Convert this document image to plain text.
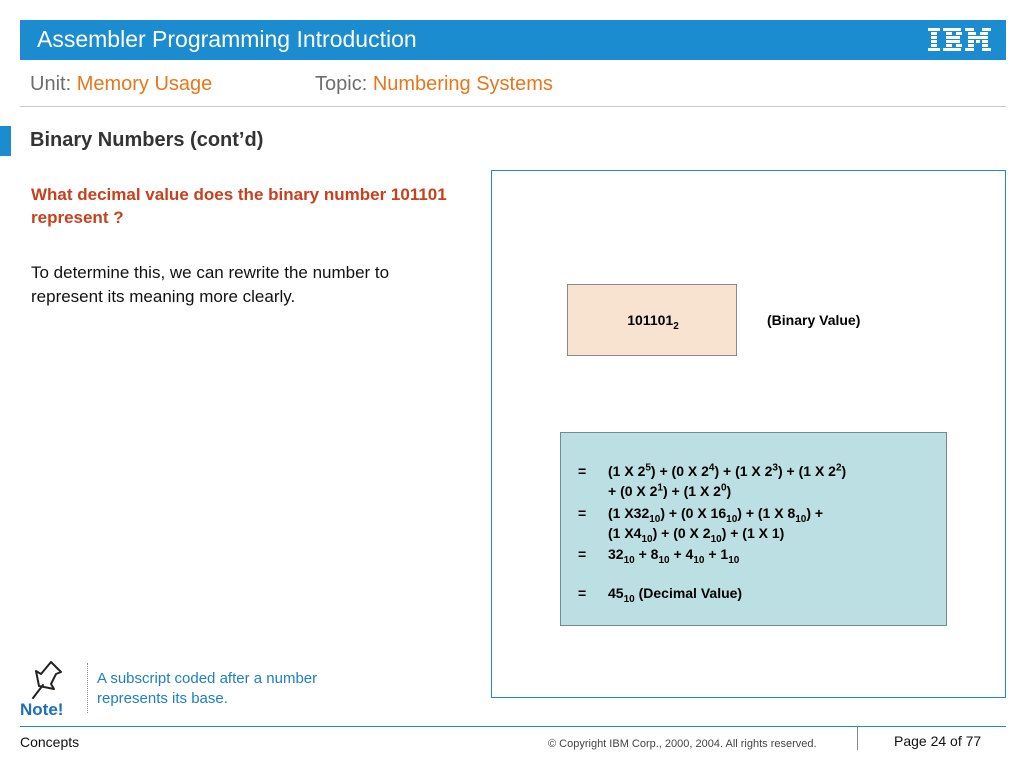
Assembler Programming Introduction
Unit: Memory Usage	Topic: Numbering Systems
Binary Numbers (cont’d)
What decimal value does the binary number 101101 represent ?
To determine this, we can rewrite the number to represent its meaning more clearly.
$101101_2$	(Binary Value)
= (1 X $2^5) + (0$ X $2^4) + (1$ X $2^3) + (1$ X $2^2$)
+ (0 X $2^1) + (1$ X $2^0$)
= (1 $X32_{10}) + (0$ X $16_{10}) + (1$ X $8_{10}$) +
(1 $X4_{10}) + (0$ X $2_{10}) + (1$ X 1)
= $32_{10} + 8_{10} + 4_{10} + 1_{10}$
= $45_{10}$ (Decimal Value)
Note!
A subscript coded after a number represents its base.
Concepts	© Copyright IBM Corp., 2000, 2004. All rights reserved.	Page 24 of 77
